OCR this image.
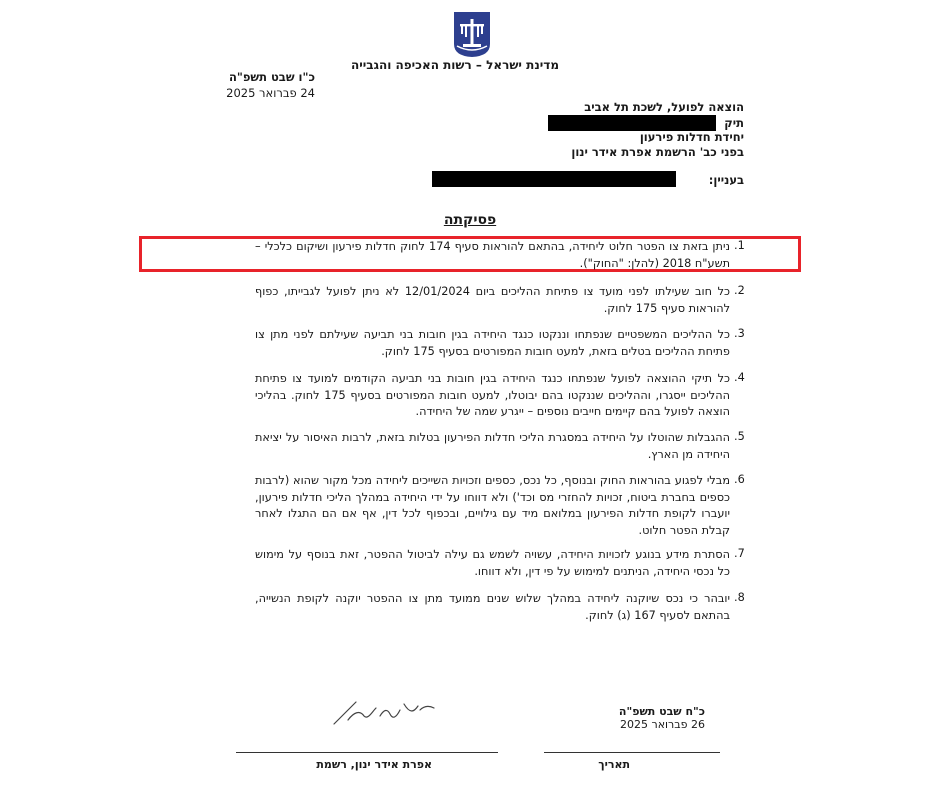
מדינת ישראל – רשות האכיפה והגבייה
כ"ו שבט תשפ"ה
24 פברואר 2025
הוצאה לפועל, לשכת תל אביב
תיק
יחידת חדלות פירעון
בפני כב' הרשמת אפרת אידר ינון
בעניין:
פסיקתה
ניתן בזאת צו הפטר חלוט ליחידה, בהתאם להוראות סעיף 174 לחוק חדלות פירעון ושיקום כלכלי – תשע"ח 2018 (להלן: "החוק").
.1
כל חוב שעילתו לפני מועד צו פתיחת ההליכים ביום 12/01/2024 לא ניתן לפועל לגבייתו, כפוף להוראות סעיף 175 לחוק.
.2
כל ההליכים המשפטיים שנפתחו וננקטו כנגד היחידה בגין חובות בני תביעה שעילתם לפני מתן צו פתיחת ההליכים בטלים בזאת, למעט חובות המפורטים בסעיף 175 לחוק.
.3
כל תיקי ההוצאה לפועל שנפתחו כנגד היחידה בגין חובות בני תביעה הקודמים למועד צו פתיחת ההליכים ייסגרו, וההליכים שננקטו בהם יבוטלו, למעט חובות המפורטים בסעיף 175 לחוק. בהליכי הוצאה לפועל בהם קיימים חייבים נוספים – ייגרע שמה של היחידה.
.4
ההגבלות שהוטלו על היחידה במסגרת הליכי חדלות הפירעון בטלות בזאת, לרבות האיסור על יציאת היחידה מן הארץ.
.5
מבלי לפגוע בהוראות החוק ובנוסף, כל נכס, כספים וזכויות השייכים ליחידה מכל מקור שהוא (לרבות כספים בחברת ביטוח, זכויות להחזרי מס וכד') ולא דווחו על ידי היחידה במהלך הליכי חדלות פירעון, יועברו לקופת חדלות הפירעון במלואם מיד עם גילויים, ובכפוף לכל דין, אף אם הם התגלו לאחר קבלת הפטר חלוט.
.6
הסתרת מידע בנוגע לזכויות היחידה, עשויה לשמש גם עילה לביטול ההפטר, זאת בנוסף על מימוש כל נכסי היחידה, הניתנים למימוש על פי דין, ולא דווחו.
.7
יובהר כי נכס שיוקנה ליחידה במהלך שלוש שנים ממועד מתן צו ההפטר יוקנה לקופת הנשייה, בהתאם לסעיף 167 (ג) לחוק.
.8
כ"ח שבט תשפ"ה
26 פברואר 2025
אפרת אידר ינון, רשמת	תאריך
